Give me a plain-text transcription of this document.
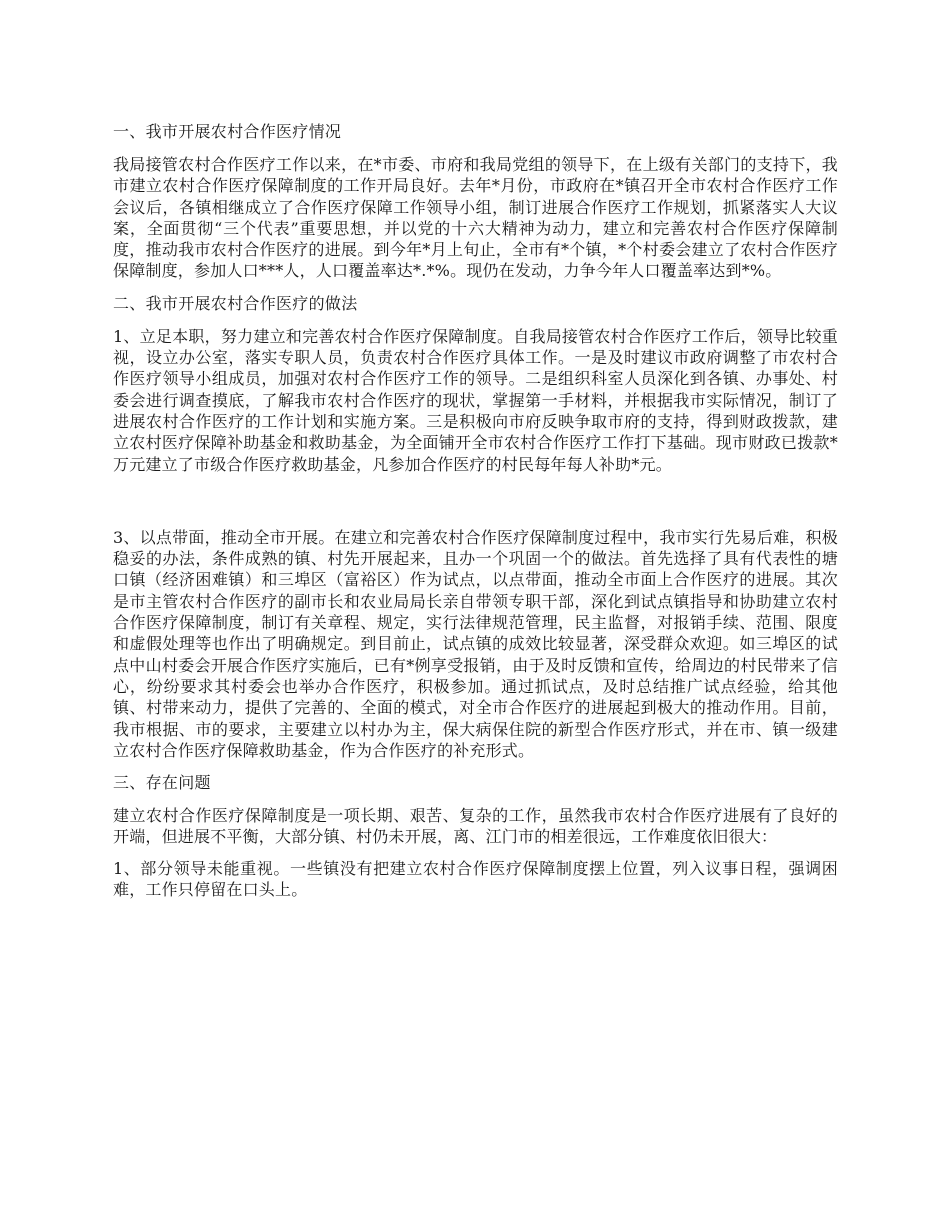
一、我市开展农村合作医疗情况
我局接管农村合作医疗工作以来，在*市委、市府和我局党组的领导下，在上级有关部门的支持下，我市建立农村合作医疗保障制度的工作开局良好。去年*月份，市政府在*镇召开全市农村合作医疗工作会议后，各镇相继成立了合作医疗保障工作领导小组，制订进展合作医疗工作规划，抓紧落实人大议案，全面贯彻“三个代表”重要思想，并以党的十六大精神为动力，建立和完善农村合作医疗保障制度，推动我市农村合作医疗的进展。到今年*月上旬止，全市有*个镇，*个村委会建立了农村合作医疗保障制度，参加人口***人，人口覆盖率达*.*%。现仍在发动，力争今年人口覆盖率达到*%。
二、我市开展农村合作医疗的做法
1、立足本职，努力建立和完善农村合作医疗保障制度。自我局接管农村合作医疗工作后，领导比较重视，设立办公室，落实专职人员，负责农村合作医疗具体工作。一是及时建议市政府调整了市农村合作医疗领导小组成员，加强对农村合作医疗工作的领导。二是组织科室人员深化到各镇、办事处、村委会进行调查摸底，了解我市农村合作医疗的现状，掌握第一手材料，并根据我市实际情况，制订了进展农村合作医疗的工作计划和实施方案。三是积极向市府反映争取市府的支持，得到财政拨款，建立农村医疗保障补助基金和救助基金，为全面铺开全市农村合作医疗工作打下基础。现市财政已拨款*万元建立了市级合作医疗救助基金，凡参加合作医疗的村民每年每人补助*元。
3、以点带面，推动全市开展。在建立和完善农村合作医疗保障制度过程中，我市实行先易后难，积极稳妥的办法，条件成熟的镇、村先开展起来，且办一个巩固一个的做法。首先选择了具有代表性的塘口镇（经济困难镇）和三埠区（富裕区）作为试点，以点带面，推动全市面上合作医疗的进展。其次是市主管农村合作医疗的副市长和农业局局长亲自带领专职干部，深化到试点镇指导和协助建立农村合作医疗保障制度，制订有关章程、规定，实行法律规范管理，民主监督，对报销手续、范围、限度和虚假处理等也作出了明确规定。到目前止，试点镇的成效比较显著，深受群众欢迎。如三埠区的试点中山村委会开展合作医疗实施后，已有*例享受报销，由于及时反馈和宣传，给周边的村民带来了信心，纷纷要求其村委会也举办合作医疗，积极参加。通过抓试点，及时总结推广试点经验，给其他镇、村带来动力，提供了完善的、全面的模式，对全市合作医疗的进展起到极大的推动作用。目前，我市根据、市的要求，主要建立以村办为主，保大病保住院的新型合作医疗形式，并在市、镇一级建立农村合作医疗保障救助基金，作为合作医疗的补充形式。
三、存在问题
建立农村合作医疗保障制度是一项长期、艰苦、复杂的工作，虽然我市农村合作医疗进展有了良好的开端，但进展不平衡，大部分镇、村仍未开展，离、江门市的相差很远，工作难度依旧很大：
1、部分领导未能重视。一些镇没有把建立农村合作医疗保障制度摆上位置，列入议事日程，强调困难，工作只停留在口头上。
